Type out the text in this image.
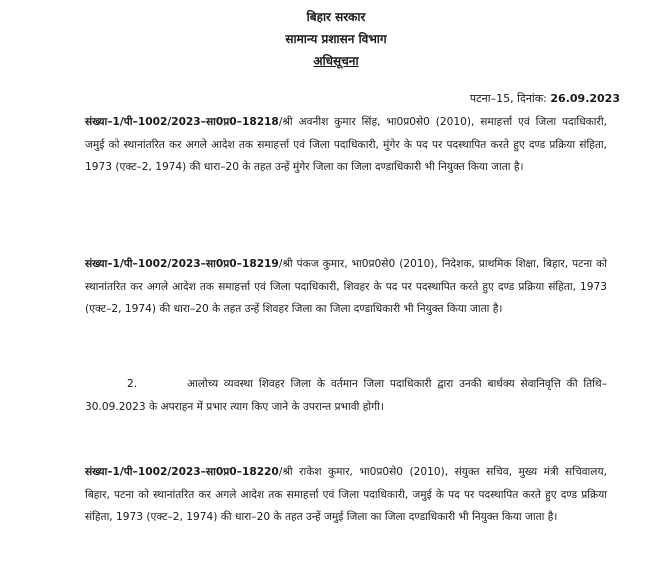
बिहार सरकार
सामान्य प्रशासन विभाग
अधिसूचना
पटना–15, दिनांक: 26.09.2023
संख्या–1/पी–1002/2023–सा0प्र0–18218/श्री अवनीश कुमार सिंह, भा0प्र0से0 (2010), समाहर्त्ता एवं जिला पदाधिकारी, जमुई को स्थानांतरित कर अगले आदेश तक समाहर्त्ता एवं जिला पदाधिकारी, मुंगेर के पद पर पदस्थापित करते हुए दण्ड प्रक्रिया संहिता, 1973 (एक्ट–2, 1974) की धारा–20 के तहत उन्हें मुंगेर जिला का जिला दण्डाधिकारी भी नियुक्त किया जाता है।
संख्या–1/पी–1002/2023–सा0प्र0–18219/श्री पंकज कुमार, भा0प्र0से0 (2010), निदेशक, प्राथमिक शिक्षा, बिहार, पटना को स्थानांतरित कर अगले आदेश तक समाहर्त्ता एवं जिला पदाधिकारी, शिवहर के पद पर पदस्थापित करते हुए दण्ड प्रक्रिया संहिता, 1973 (एक्ट–2, 1974) की धारा–20 के तहत उन्हें शिवहर जिला का जिला दण्डाधिकारी भी नियुक्त किया जाता है।
2.	आलोच्य व्यवस्था शिवहर जिला के वर्तमान जिला पदाधिकारी द्वारा उनकी बार्धक्य सेवानिवृत्ति की तिथि–30.09.2023 के अपराहन में प्रभार त्याग किए जाने के उपरान्त प्रभावी होगी।
संख्या–1/पी–1002/2023–सा0प्र0–18220/श्री राकेश कुमार, भा0प्र0से0 (2010), संयुक्त सचिव, मुख्य मंत्री सचिवालय, बिहार, पटना को स्थानांतरित कर अगले आदेश तक समाहर्त्ता एवं जिला पदाधिकारी, जमुई के पद पर पदस्थापित करते हुए दण्ड प्रक्रिया संहिता, 1973 (एक्ट–2, 1974) की धारा–20 के तहत उन्हें जमुई जिला का जिला दण्डाधिकारी भी नियुक्त किया जाता है।
